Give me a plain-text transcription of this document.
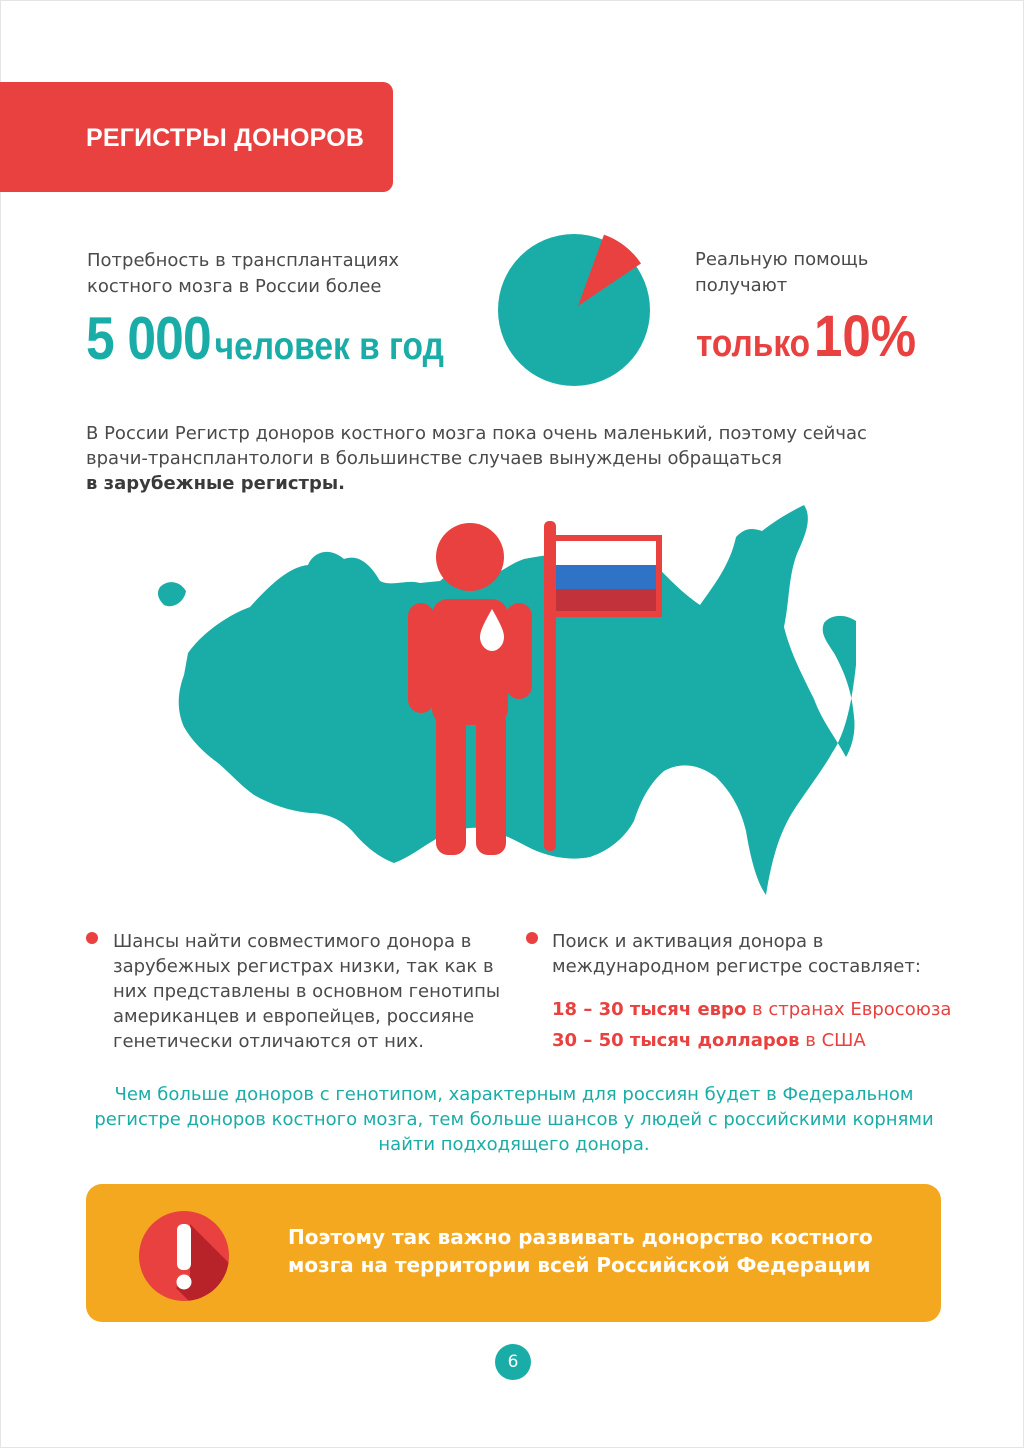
РЕГИСТРЫ ДОНОРОВ
Потребность в трансплантациях
костного мозга в России более
5 000 человек в год
Реальную помощь
получают
только 10%
В России Регистр доноров костного мозга пока очень маленький, поэтому сейчас
врачи-трансплантологи в большинстве случаев вынуждены обращаться
в зарубежные регистры.
Шансы найти совместимого донора в
зарубежных регистрах низки, так как в
них представлены в основном генотипы
американцев и европейцев, россияне
генетически отличаются от них.
Поиск и активация донора в
международном регистре составляет:
18 – 30 тысяч евро в странах Евросоюза
30 – 50 тысяч долларов в США
Чем больше доноров с генотипом, характерным для россиян будет в Федеральном
регистре доноров костного мозга, тем больше шансов у людей с российскими корнями
найти подходящего донора.
Поэтому так важно развивать донорство костного
мозга на территории всей Российской Федерации
6
